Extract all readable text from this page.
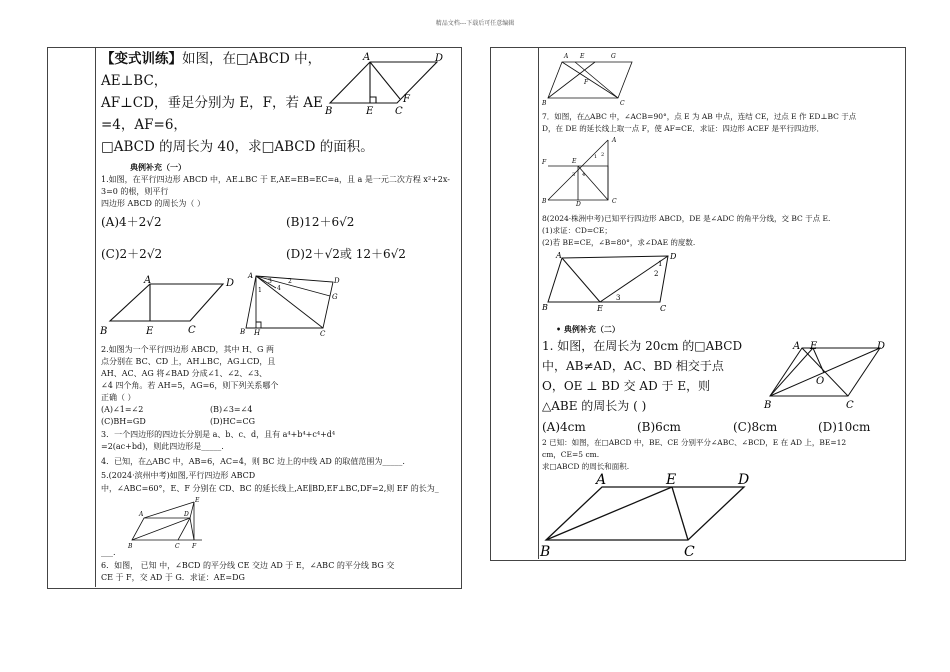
精品文档---下载后可任意编辑
【变式训练】如图，在□ABCD 中，
AE⊥BC，
AF⊥CD，垂足分别为 E，F，若 AE
=4，AF=6，
□ABCD 的周长为 40，求□ABCD 的面积。
A	D
B	E C
F
典例补充（一）
1.如图，在平行四边形 ABCD 中，AE⊥BC 于 E,AE=EB=EC=a，且 a 是一元二次方程 x²+2x-
3=0 的根，则平行
四边形 ABCD 的周长为（ ）
(A)4＋2√2	(B)12＋6√2
(C)2＋2√2	(D)2＋√2或 12＋6√2
A	D
B	E	C
A
D
B H	C
G
1
2
3
4
2.如图为一个平行四边形 ABCD，其中 H、G 两
点分别在 BC、CD 上，AH⊥BC，AG⊥CD，且
AH、AC、AG 将∠BAD 分成∠1、∠2、∠3、
∠4 四个角。若 AH=5，AG=6，则下列关系哪个
正确（ ）
(A)∠1=∠2	(B)∠3=∠4
(C)BH=GD	(D)HC=CG
3．一个四边形的四边长分别是 a、b、c、d，且有 a⁴+b⁴+c⁴+d⁴
=2(ac+bd)，则此四边形是_____.
4．已知，在△ABC 中，AB=6，AC=4，则 BC 边上的中线 AD 的取值范围为_____.
5.(2024·滨州中考)如图,平行四边形 ABCD
中，∠ABC=60°，E、F 分别在 CD、BC 的延长线上,AE∥BD,EF⊥BC,DF=2,则 EF 的长为_
A	D
E
B	C F
___.
6．如图， 已知 中，∠BCD 的平分线 CE 交边 AD 于 E，∠ABC 的平分线 BG 交
CE 于 F，交 AD 于 G．求证：AE=DG
A E
F
G
B	C
7．如图，在△ABC 中，∠ACB=90°，点 E 为 AB 中点，连结 CE，过点 E 作 ED⊥BC 于点
D，在 DE 的延长线上取一点 F，使 AF=CE．求证：四边形 ACEF 是平行四边形．
F
A
E
B	D	C
1 2
3 4
8(2024·株洲中考)已知平行四边形 ABCD，DE 是∠ADC 的角平分线，交 BC 于点 E.
(1)求证：CD=CE；
(2)若 BE=CE，∠B=80°，求∠DAE 的度数.
A	D
B	E	C
1
2
3
• 典例补充（二）
1. 如图，在周长为 20cm 的□ABCD
中，AB≠AD，AC、BD 相交于点
O，OE ⊥ BD 交 AD 于 E，则
△ABE 的周长为 ( )
(A)4cm	(B)6cm	(C)8cm	(D)10cm
A E	D
O
B	C
2 已知：如图，在□ABCD 中，BE、CE 分别平分∠ABC、∠BCD，E 在 AD 上，BE=12
cm，CE=5 cm.
求□ABCD 的周长和面积.
A	E	D
B	C
